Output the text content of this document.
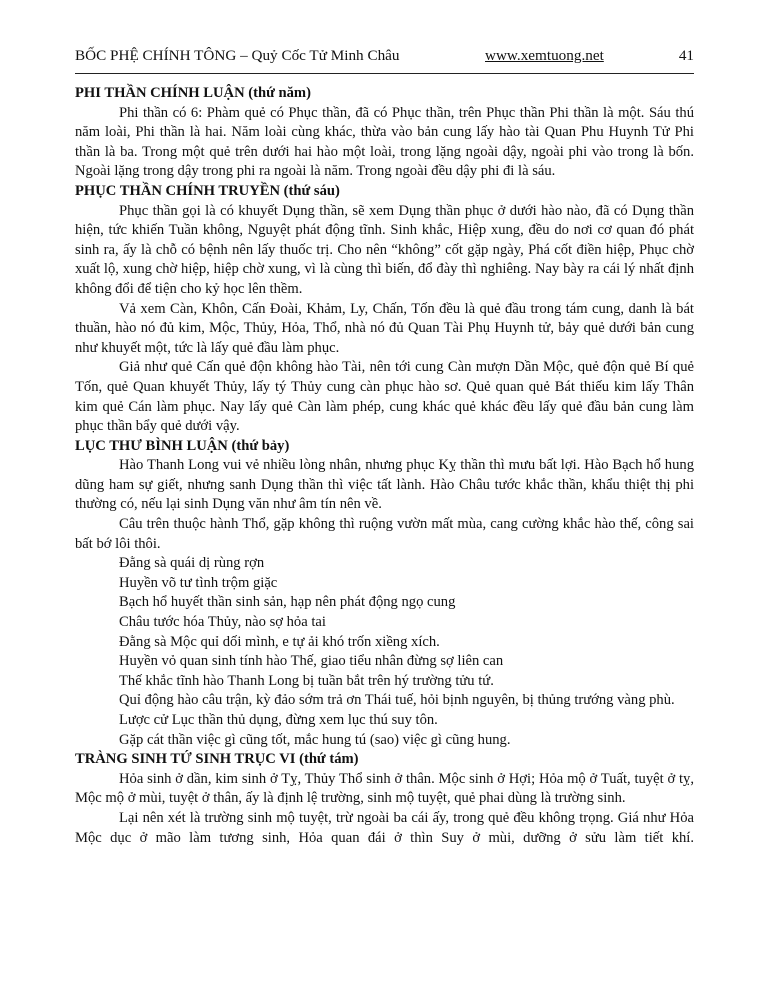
BỐC PHỆ CHÍNH TÔNG – Quỷ Cốc Tử Minh Châu	www.xemtuong.net	41
PHI THẦN CHÍNH LUẬN (thứ năm)

Phi thần có 6: Phàm quẻ có Phục thần, đã có Phục thần, trên Phục thần Phi thần là một. Sáu thú năm loài, Phi thần là hai. Năm loài cùng khác, thừa vào bản cung lấy hào tài Quan Phu Huynh Tử Phi thần là ba. Trong một quẻ trên dưới hai hào một loài, trong lặng ngoài dậy, ngoài phi vào trong là bốn. Ngoài lặng trong dậy trong phi ra ngoài là năm. Trong ngoài đều dậy phi đi là sáu.

PHỤC THẦN CHÍNH TRUYỀN (thứ sáu)

Phục thần gọi là có khuyết Dụng thần, sẽ xem Dụng thần phục ở dưới hào nào, đã có Dụng thần hiện, tức khiến Tuần không, Nguyệt phát động tĩnh. Sinh khắc, Hiệp xung, đều do nơi cơ quan đó phát sinh ra, ấy là chỗ có bệnh nên lấy thuốc trị. Cho nên “không” cốt gặp ngày, Phá cốt điền hiệp, Phục chờ xuất lộ, xung chờ hiệp, hiệp chờ xung, vì là cùng thì biến, đổ đày thì nghiêng. Nay bày ra cái lý nhất định không đổi để tiện cho kỷ học lên thềm.

Vả xem Càn, Khôn, Cấn Đoài, Khảm, Ly, Chấn, Tốn đều là quẻ đầu trong tám cung, danh là bát thuần, hào nó đủ kim, Mộc, Thủy, Hỏa, Thổ, nhà nó đủ Quan Tài Phụ Huynh tử, bảy quẻ dưới bản cung như khuyết một, tức là lấy quẻ đầu làm phục.

Giả như quẻ Cấn quẻ độn không hào Tài, nên tới cung Càn mượn Dần Mộc, quẻ độn quẻ Bí quẻ Tốn, quẻ Quan khuyết Thủy, lấy tý Thủy cung càn phục hào sơ. Quẻ quan quẻ Bát thiếu kim lấy Thân kim quẻ Cán làm phục. Nay lấy quẻ Càn làm phép, cung khác quẻ khác đều lấy quẻ đầu bản cung làm phục thần bẩy quẻ dưới vậy.

LỤC THƯ BÌNH LUẬN (thứ bảy)

Hào Thanh Long vui vẻ nhiều lòng nhân, nhưng phục Kỵ thần thì mưu bất lợi. Hào Bạch hổ hung dũng ham sự giết, nhưng sanh Dụng thần thì việc tất lành. Hào Châu tước khắc thần, khẩu thiệt thị phi thường có, nếu lại sinh Dụng văn như âm tín nên về.

Câu trên thuộc hành Thổ, gặp không thì ruộng vườn mất mùa, cang cường khắc hào thế, công sai bất bớ lôi thôi.

Đằng sà quái dị rùng rợn

Huyền võ tư tình trộm giặc

Bạch hổ huyết thần sinh sản, hạp nên phát động ngọ cung

Châu tước hóa Thủy, nào sợ hỏa tai

Đằng sà Mộc quỉ dối mình, e tự ải khó trốn xiềng xích.

Huyền vỏ quan sinh tính hào Thế, giao tiểu nhân đừng sợ liên can

Thế khắc tĩnh hào Thanh Long bị tuần bắt trên hý trường tửu tứ.

Quỉ động hào câu trận, kỳ đảo sớm trả ơn Thái tuế, hỏi bịnh nguyên, bị thủng trướng vàng phù.

Lược cử Lục thần thủ dụng, đừng xem lục thú suy tôn.

Gặp cát thần việc gì cũng tốt, mắc hung tú (sao) việc gì cũng hung.

TRÀNG SINH TỨ SINH TRỤC VI (thứ tám)

Hỏa sinh ở dần, kim sinh ở Tỵ, Thủy Thổ sinh ở thân. Mộc sinh ở Hợi; Hỏa mộ ở Tuất, tuyệt ở tỵ, Mộc mộ ở mùi, tuyệt ở thân, ấy là định lệ trường, sinh mộ tuyệt, quẻ phai dùng là trường sinh.

Lại nên xét là trường sinh mộ tuyệt, trừ ngoài ba cái ấy, trong quẻ đều không trọng. Giá như Hỏa Mộc dục ở mão làm tương sinh, Hỏa quan đái ở thìn Suy ở mùi, dưỡng ở sửu làm tiết khí.
